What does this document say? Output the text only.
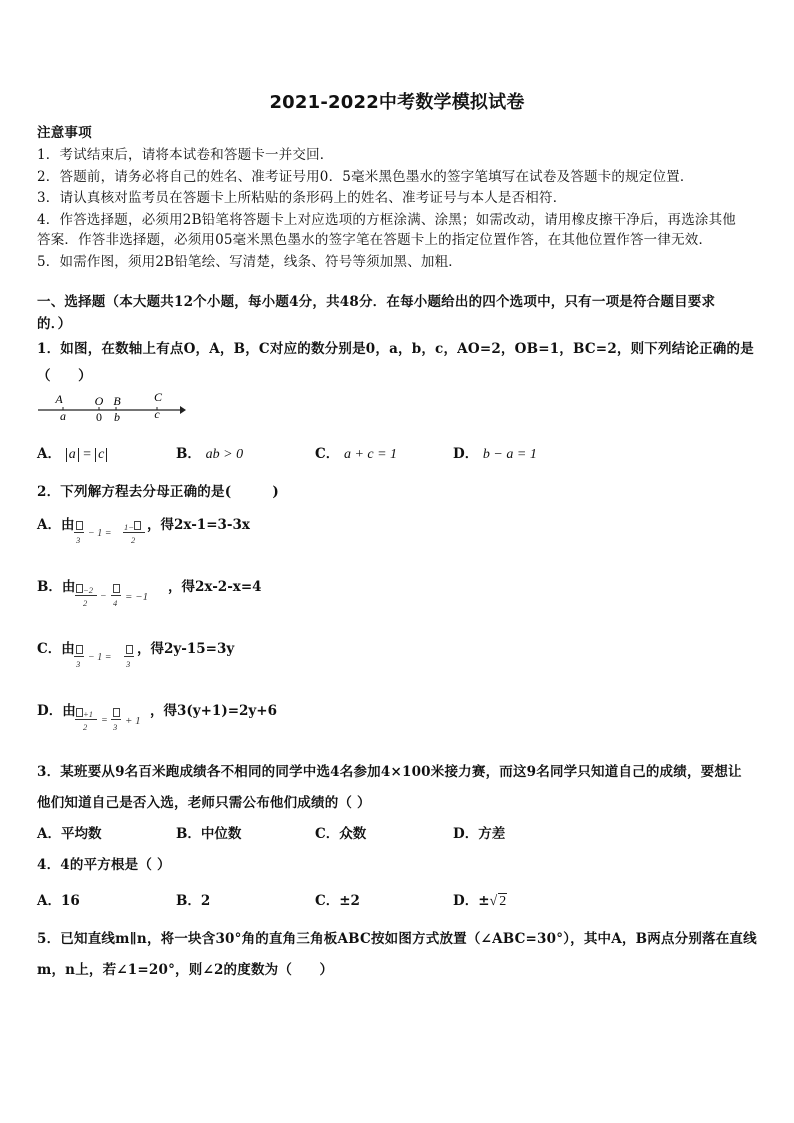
2021-2022中考数学模拟试卷
注意事项
1．考试结束后，请将本试卷和答题卡一并交回．
2．答题前，请务必将自己的姓名、准考证号用0．5毫米黑色墨水的签字笔填写在试卷及答题卡的规定位置．
3．请认真核对监考员在答题卡上所粘贴的条形码上的姓名、准考证号与本人是否相符．
4．作答选择题，必须用2B铅笔将答题卡上对应选项的方框涂满、涂黑；如需改动，请用橡皮擦干净后，再选涂其他
答案．作答非选择题，必须用05毫米黑色墨水的签字笔在答题卡上的指定位置作答，在其他位置作答一律无效．
5．如需作图，须用2B铅笔绘、写清楚，线条、符号等须加黑、加粗．
一、选择题（本大题共12个小题，每小题4分，共48分．在每小题给出的四个选项中，只有一项是符合题目要求
的．）
1．如图，在数轴上有点O，A，B，C对应的数分别是0，a，b，c，AO=2，OB=1，BC=2，则下列结论正确的是
（　　）
A
a
O
0
B
b
C
c
A． a = c	B． ab > 0	C． a + c = 1	D． b − a = 1
2．下列解方程去分母正确的是(　　　)
A．由
3
− 1 =
1−
2
，得2x-1=3-3x
B．由 −2
2
−
4 = −1
，得2x-2-x=4
C．由
3
− 1 =
3
，得2y-15=3y
D．由 +1
2
=
3 + 1
，得3(y+1)=2y+6
3．某班要从9名百米跑成绩各不相同的同学中选4名参加4×100米接力赛，而这9名同学只知道自己的成绩，要想让
他们知道自己是否入选，老师只需公布他们成绩的（ ）
A．平均数	B．中位数	C．众数	D．方差
4．4的平方根是（ ）
A．16	B．2	C．±2	D．±√ 2
5．已知直线m∥n，将一块含30°角的直角三角板ABC按如图方式放置（∠ABC=30°），其中A，B两点分别落在直线
m，n上，若∠1=20°，则∠2的度数为（　　）
